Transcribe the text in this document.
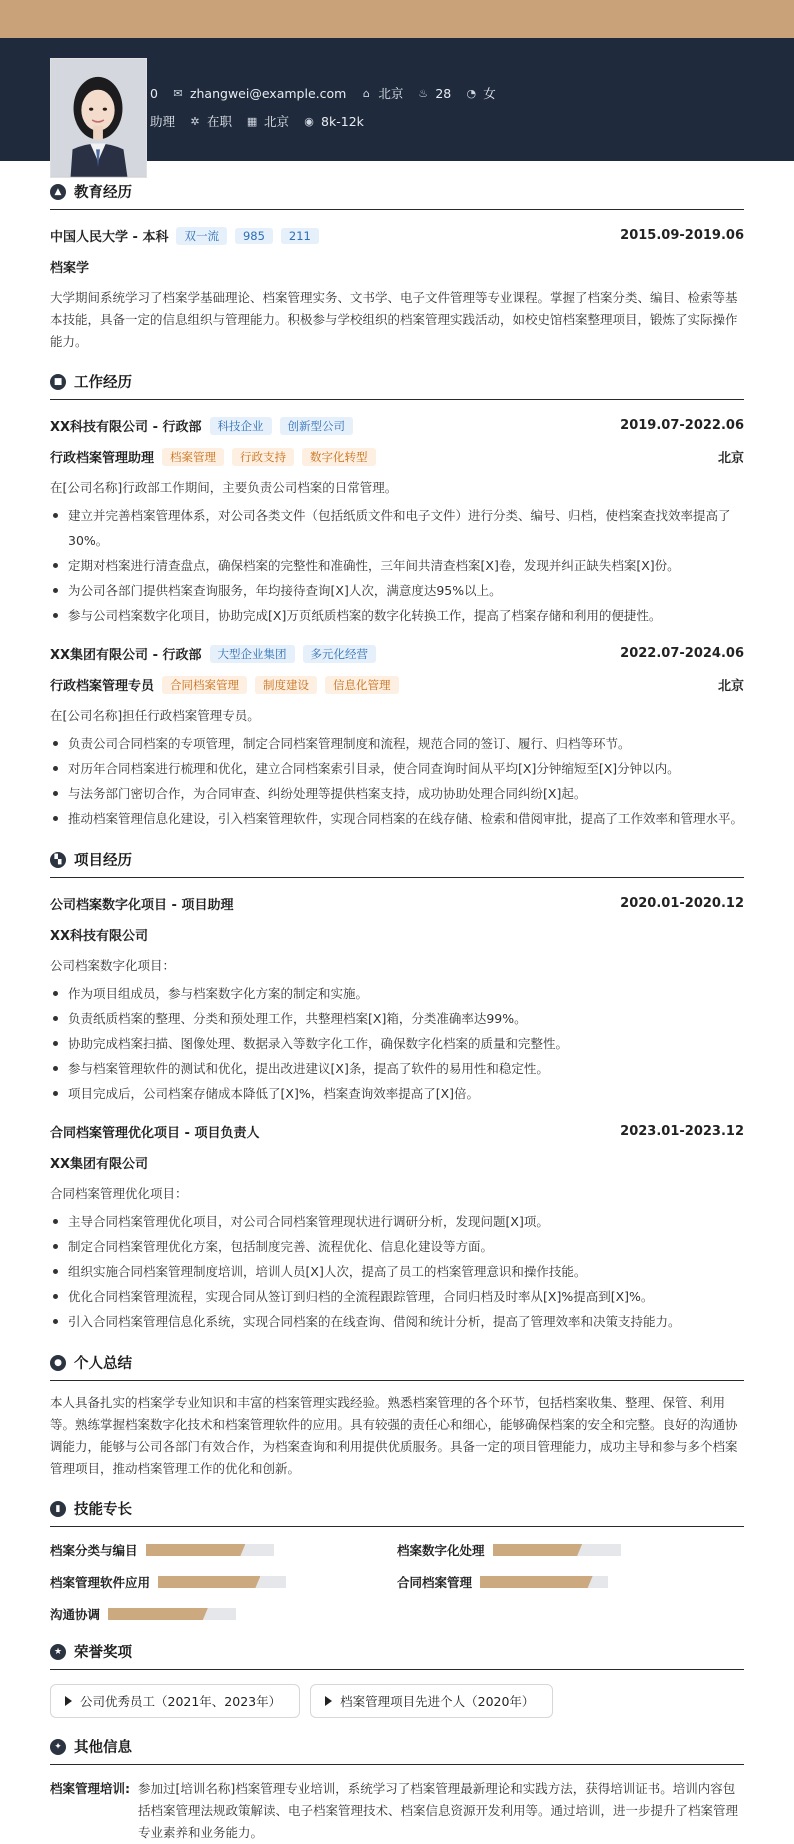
0 ✉ zhangwei@example.com ⌂ 北京 ♨ 28 ◔ 女
助理 ✲ 在职 ▦ 北京 ◉ 8k-12k
▲ 教育经历
中国人民大学 - 本科	双一流	985	211	2015.09-2019.06
档案学
大学期间系统学习了档案学基础理论、档案管理实务、文书学、电子文件管理等专业课程。掌握了档案分类、编目、检索等基本技能，具备一定的信息组织与管理能力。积极参与学校组织的档案管理实践活动，如校史馆档案整理项目，锻炼了实际操作能力。
■ 工作经历
XX科技有限公司 - 行政部	科技企业	创新型公司	2019.07-2022.06
行政档案管理助理	档案管理	行政支持	数字化转型	北京
在[公司名称]行政部工作期间，主要负责公司档案的日常管理。
建立并完善档案管理体系，对公司各类文件（包括纸质文件和电子文件）进行分类、编号、归档，使档案查找效率提高了30%。
定期对档案进行清查盘点，确保档案的完整性和准确性，三年间共清查档案[X]卷，发现并纠正缺失档案[X]份。
为公司各部门提供档案查询服务，年均接待查询[X]人次，满意度达95%以上。
参与公司档案数字化项目，协助完成[X]万页纸质档案的数字化转换工作，提高了档案存储和利用的便捷性。
XX集团有限公司 - 行政部	大型企业集团	多元化经营	2022.07-2024.06
行政档案管理专员	合同档案管理	制度建设	信息化管理	北京
在[公司名称]担任行政档案管理专员。
负责公司合同档案的专项管理，制定合同档案管理制度和流程，规范合同的签订、履行、归档等环节。
对历年合同档案进行梳理和优化，建立合同档案索引目录，使合同查询时间从平均[X]分钟缩短至[X]分钟以内。
与法务部门密切合作，为合同审查、纠纷处理等提供档案支持，成功协助处理合同纠纷[X]起。
推动档案管理信息化建设，引入档案管理软件，实现合同档案的在线存储、检索和借阅审批，提高了工作效率和管理水平。
▚ 项目经历
公司档案数字化项目 - 项目助理	2020.01-2020.12
XX科技有限公司
公司档案数字化项目：
作为项目组成员，参与档案数字化方案的制定和实施。
负责纸质档案的整理、分类和预处理工作，共整理档案[X]箱，分类准确率达99%。
协助完成档案扫描、图像处理、数据录入等数字化工作，确保数字化档案的质量和完整性。
参与档案管理软件的测试和优化，提出改进建议[X]条，提高了软件的易用性和稳定性。
项目完成后，公司档案存储成本降低了[X]%，档案查询效率提高了[X]倍。
合同档案管理优化项目 - 项目负责人	2023.01-2023.12
XX集团有限公司
合同档案管理优化项目：
主导合同档案管理优化项目，对公司合同档案管理现状进行调研分析，发现问题[X]项。
制定合同档案管理优化方案，包括制度完善、流程优化、信息化建设等方面。
组织实施合同档案管理制度培训，培训人员[X]人次，提高了员工的档案管理意识和操作技能。
优化合同档案管理流程，实现合同从签订到归档的全流程跟踪管理，合同归档及时率从[X]%提高到[X]%。
引入合同档案管理信息化系统，实现合同档案的在线查询、借阅和统计分析，提高了管理效率和决策支持能力。
● 个人总结
本人具备扎实的档案学专业知识和丰富的档案管理实践经验。熟悉档案管理的各个环节，包括档案收集、整理、保管、利用等。熟练掌握档案数字化技术和档案管理软件的应用。具有较强的责任心和细心，能够确保档案的安全和完整。良好的沟通协调能力，能够与公司各部门有效合作，为档案查询和利用提供优质服务。具备一定的项目管理能力，成功主导和参与多个档案管理项目，推动档案管理工作的优化和创新。
▮ 技能专长
档案分类与编目	档案数字化处理
档案管理软件应用	合同档案管理
沟通协调
★ 荣誉奖项
公司优秀员工（2021年、2023年）	档案管理项目先进个人（2020年）
✦ 其他信息
档案管理培训: 参加过[培训名称]档案管理专业培训，系统学习了档案管理最新理论和实践方法，获得培训证书。培训内容包括档案管理法规政策解读、电子档案管理技术、档案信息资源开发利用等。通过培训，进一步提升了档案管理专业素养和业务能力。
